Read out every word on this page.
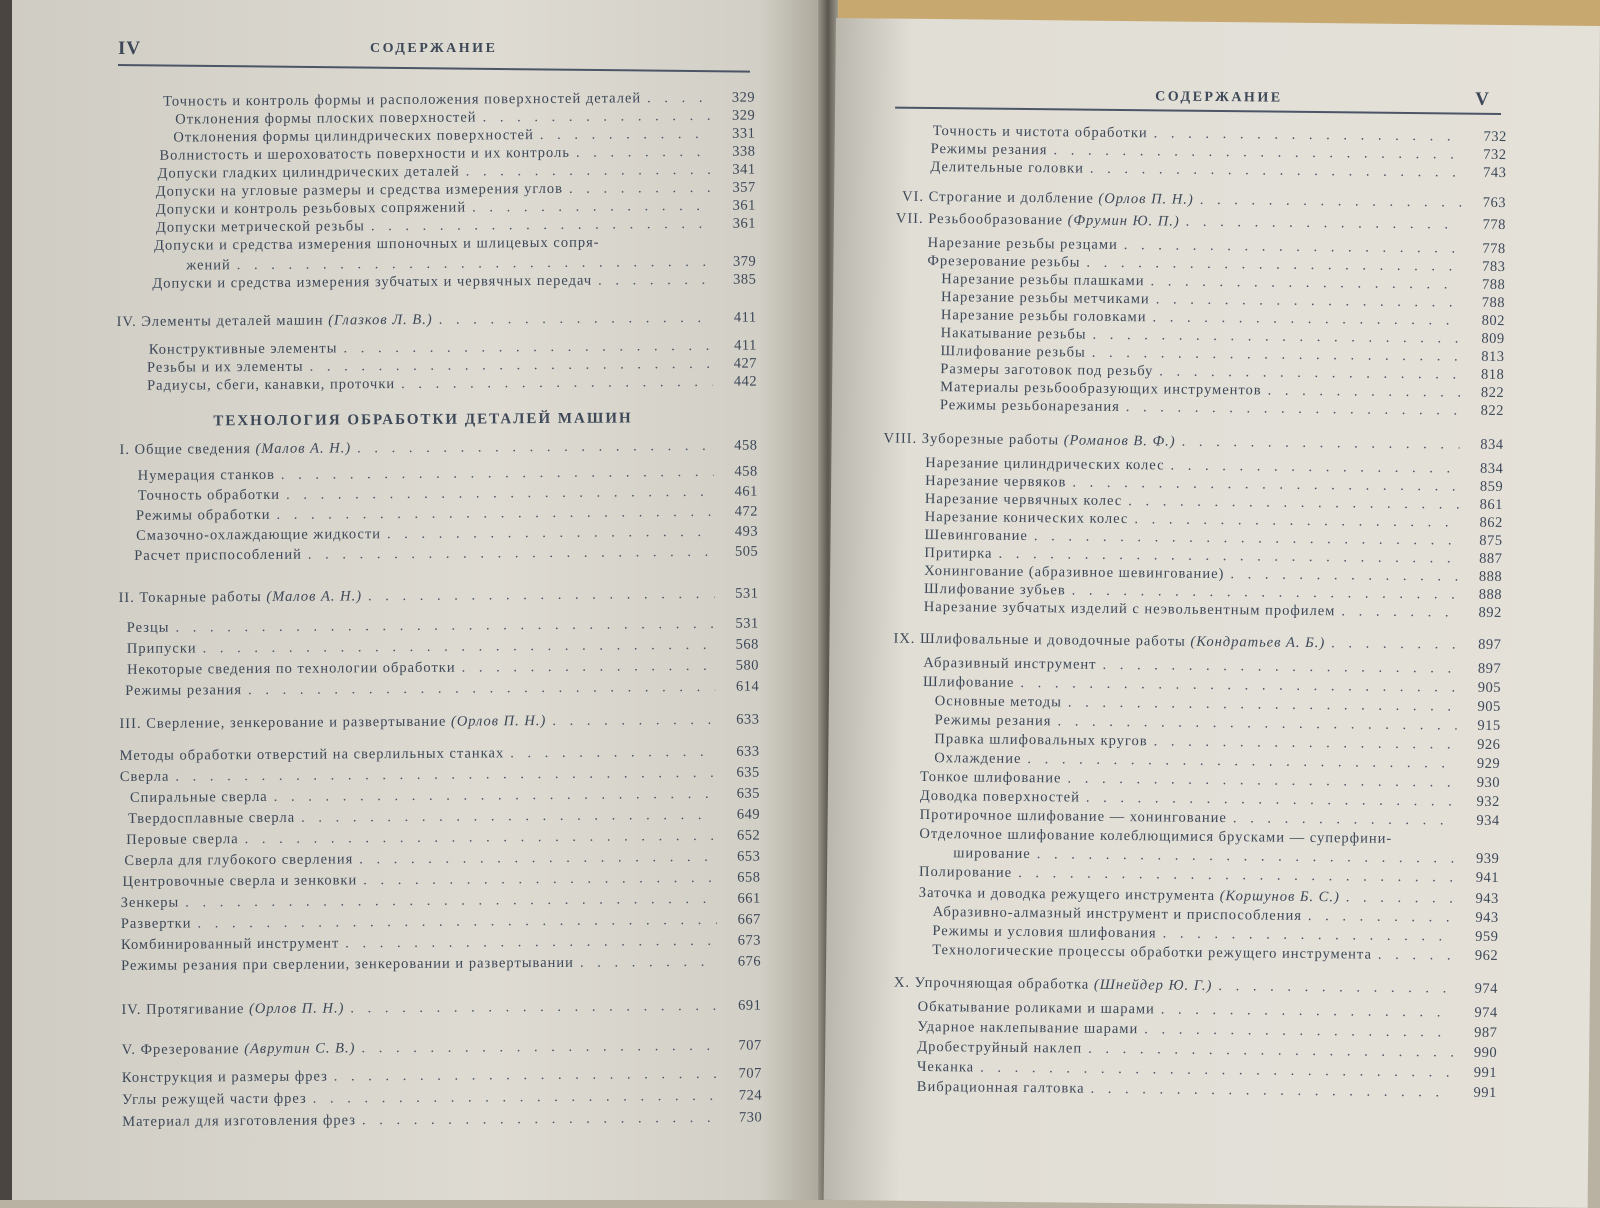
IV	СОДЕРЖАНИЕ
Точность и контроль формы и расположения поверхностей деталей . . .	329
Отклонения формы плоских поверхностей . . .	329
Отклонения формы цилиндрических поверхностей . . .	331
Волнистость и шероховатость поверхности и их контроль . . .	338
Допуски гладких цилиндрических деталей . . .	341
Допуски на угловые размеры и средства измерения углов . . .	357
Допуски и контроль резьбовых сопряжений . . .	361
Допуски метрической резьбы . . .	361
Допуски и средства измерения шпоночных и шлицевых сопря-
жений . . .	379
Допуски и средства измерения зубчатых и червячных передач . . .	385
IV. Элементы деталей машин (Глазков Л. В.) . . .	411
Конструктивные элементы . . .	411
Резьбы и их элементы . . .	427
Радиусы, сбеги, канавки, проточки . . .	442
ТЕХНОЛОГИЯ ОБРАБОТКИ ДЕТАЛЕЙ МАШИН
I. Общие сведения (Малов А. Н.) . . .	458
Нумерация станков . . .	458
Точность обработки . . .	461
Режимы обработки . . .	472
Смазочно-охлаждающие жидкости . . .	493
Расчет приспособлений . . .	505
II. Токарные работы (Малов А. Н.) . . .	531
Резцы . . .	531
Припуски . . .	568
Некоторые сведения по технологии обработки . . .	580
Режимы резания . . .	614
III. Сверление, зенкерование и развертывание (Орлов П. Н.) . . .	633
Методы обработки отверстий на сверлильных станках . . .	633
Сверла . . .	635
Спиральные сверла . . .	635
Твердосплавные сверла . . .	649
Перовые сверла . . .	652
Сверла для глубокого сверления . . .	653
Центровочные сверла и зенковки . . .	658
Зенкеры . . .	661
Развертки . . .	667
Комбинированный инструмент . . .	673
Режимы резания при сверлении, зенкеровании и развертывании . . .	676
IV. Протягивание (Орлов П. Н.) . . .	691
V. Фрезерование (Аврутин С. В.) . . .	707
Конструкция и размеры фрез . . .	707
Углы режущей части фрез . . .	724
Материал для изготовления фрез . . .	730
СОДЕРЖАНИЕ	V
Точность и чистота обработки . . .	732
Режимы резания . . .	732
Делительные головки . . .	743
VI. Строгание и долбление (Орлов П. Н.) . . .	763
VII. Резьбообразование (Фрумин Ю. П.) . . .	778
Нарезание резьбы резцами . . .	778
Фрезерование резьбы . . .	783
Нарезание резьбы плашками . . .	788
Нарезание резьбы метчиками . . .	788
Нарезание резьбы головками . . .	802
Накатывание резьбы . . .	809
Шлифование резьбы . . .	813
Размеры заготовок под резьбу . . .	818
Материалы резьбообразующих инструментов . . .	822
Режимы резьбонарезания . . .	822
VIII. Зуборезные работы (Романов В. Ф.) . . .	834
Нарезание цилиндрических колес . . .	834
Нарезание червяков . . .	859
Нарезание червячных колес . . .	861
Нарезание конических колес . . .	862
Шевингование . . .	875
Притирка . . .	887
Хонингование (абразивное шевингование) . . .	888
Шлифование зубьев . . .	888
Нарезание зубчатых изделий с неэвольвентным профилем . . .	892
IX. Шлифовальные и доводочные работы (Кондратьев А. Б.) . . .	897
Абразивный инструмент . . .	897
Шлифование . . .	905
Основные методы . . .	905
Режимы резания . . .	915
Правка шлифовальных кругов . . .	926
Охлаждение . . .	929
Тонкое шлифование . . .	930
Доводка поверхностей . . .	932
Протирочное шлифование — хонингование . . .	934
Отделочное шлифование колеблющимися брусками — суперфини-
ширование . . .	939
Полирование . . .	941
Заточка и доводка режущего инструмента (Коршунов Б. С.) . . .	943
Абразивно-алмазный инструмент и приспособления . . .	943
Режимы и условия шлифования . . .	959
Технологические процессы обработки режущего инструмента . . .	962
X. Упрочняющая обработка (Шнейдер Ю. Г.) . . .	974
Обкатывание роликами и шарами . . .	974
Ударное наклепывание шарами . . .	987
Дробеструйный наклеп . . .	990
Чеканка . . .	991
Вибрационная галтовка . . .	991
